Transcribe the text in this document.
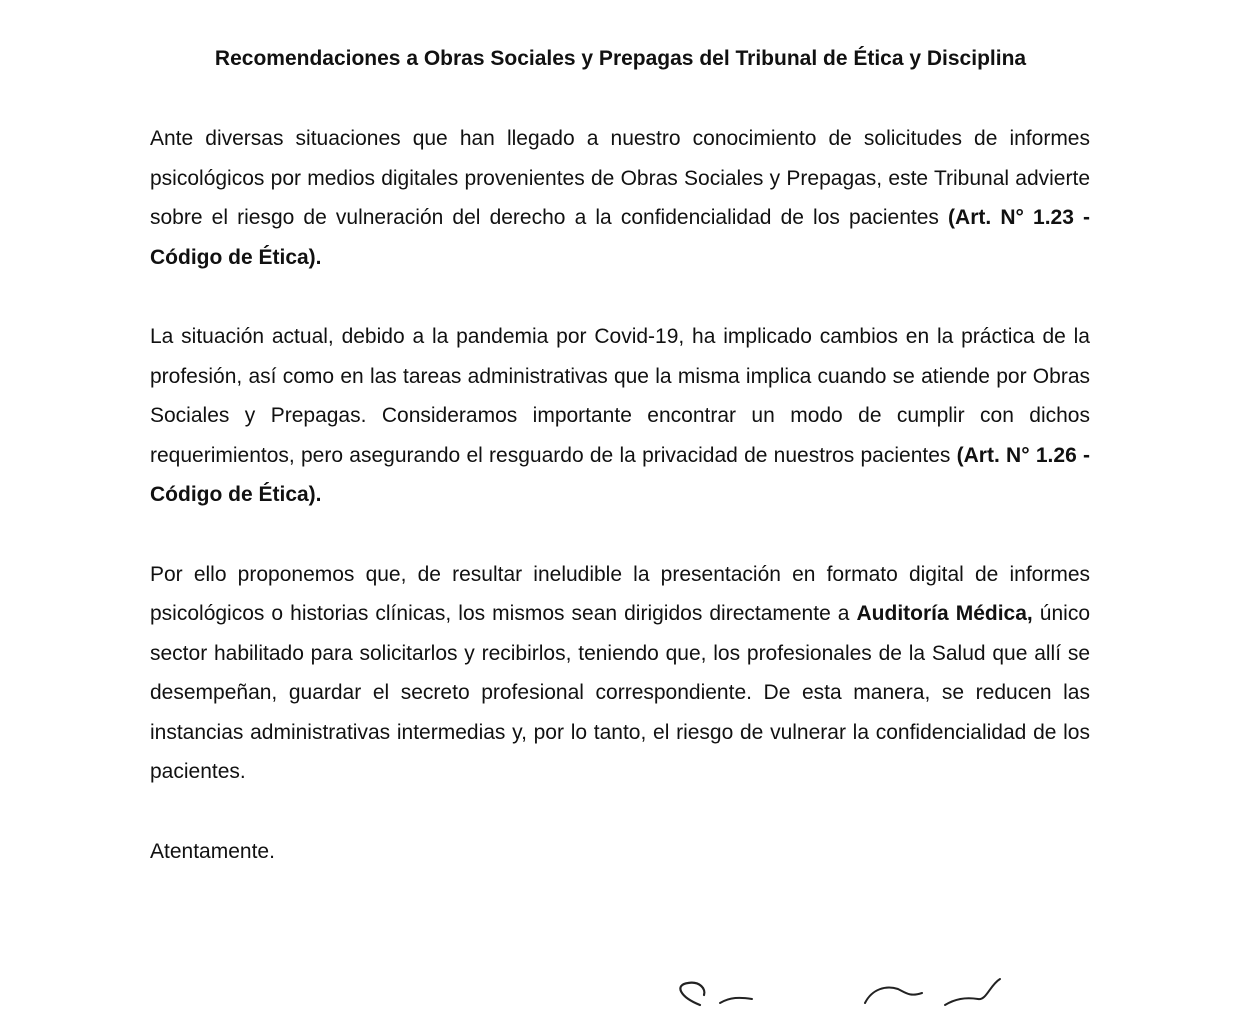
Recomendaciones a Obras Sociales y Prepagas del Tribunal de Ética y Disciplina

Ante diversas situaciones que han llegado a nuestro conocimiento de solicitudes de informes psicológicos por medios digitales provenientes de Obras Sociales y Prepagas, este Tribunal advierte sobre el riesgo de vulneración del derecho a la confidencialidad de los pacientes (Art. N° 1.23 - Código de Ética).

La situación actual, debido a la pandemia por Covid-19, ha implicado cambios en la práctica de la profesión, así como en las tareas administrativas que la misma implica cuando se atiende por Obras Sociales y Prepagas. Consideramos importante encontrar un modo de cumplir con dichos requerimientos, pero asegurando el resguardo de la privacidad de nuestros pacientes (Art. N° 1.26 - Código de Ética).

Por ello proponemos que, de resultar ineludible la presentación en formato digital de informes psicológicos o historias clínicas, los mismos sean dirigidos directamente a Auditoría Médica, único sector habilitado para solicitarlos y recibirlos, teniendo que, los profesionales de la Salud que allí se desempeñan, guardar el secreto profesional correspondiente. De esta manera, se reducen las instancias administrativas intermedias y, por lo tanto, el riesgo de vulnerar la confidencialidad de los pacientes.

Atentamente.
